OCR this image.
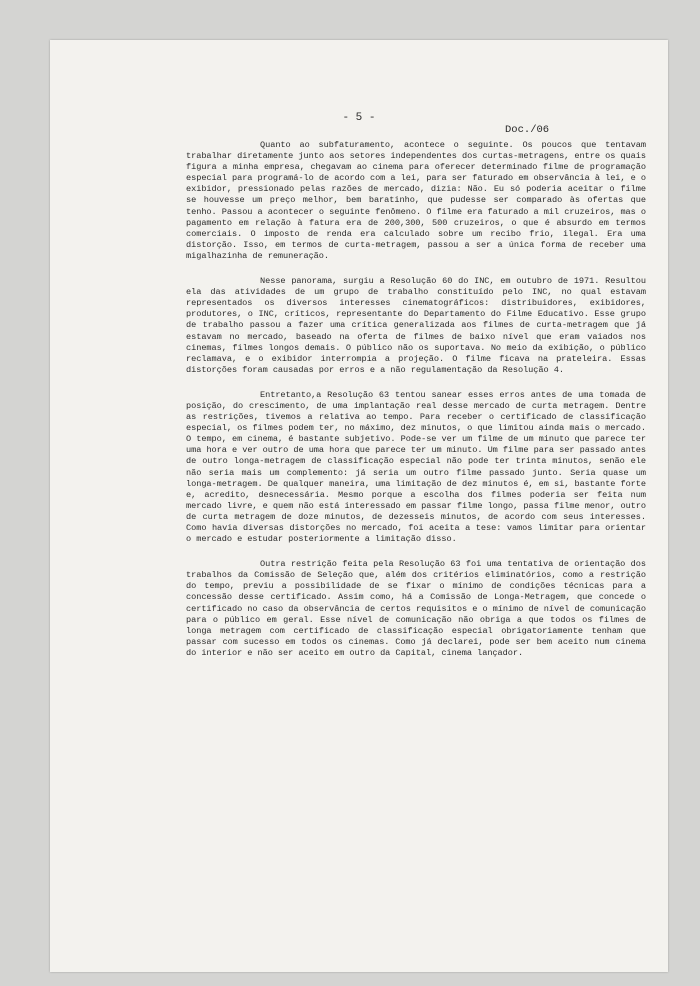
- 5 -
Doc./06

Quanto ao subfaturamento, acontece o seguinte. Os poucos que tentavam trabalhar diretamente junto aos setores independentes dos curtas-metragens, entre os quais figura a minha empresa, chegavam ao cinema para oferecer determinado filme de programação especial para programá-lo de acordo com a lei, para ser faturado em observância à lei, e o exibidor, pressionado pelas razões de mercado, dizia: Não. Eu só poderia aceitar o filme se houvesse um preço melhor, bem baratinho, que pudesse ser comparado às ofertas que tenho. Passou a acontecer o seguinte fenômeno. O filme era faturado a mil cruzeiros, mas o pagamento em relação à fatura era de 200,300, 500 cruzeiros, o que é absurdo em termos comerciais. O imposto de renda era calculado sobre um recibo frio, ilegal. Era uma distorção. Isso, em termos de curta-metragem, passou a ser a única forma de receber uma migalhazinha de remuneração.

Nesse panorama, surgiu a Resolução 60 do INC, em outubro de 1971. Resultou ela das atividades de um grupo de trabalho constituído pelo INC, no qual estavam representados os diversos interesses cinematográficos: distribuidores, exibidores, produtores, o INC, críticos, representante do Departamento do Filme Educativo. Esse grupo de trabalho passou a fazer uma crítica generalizada aos filmes de curta-metragem que já estavam no mercado, baseado na oferta de filmes de baixo nível que eram vaiados nos cinemas, filmes longos demais. O público não os suportava. No meio da exibição, o público reclamava, e o exibidor interrompia a projeção. O filme ficava na prateleira. Essas distorções foram causadas por erros e a não regulamentação da Resolução 4.

Entretanto,a Resolução 63 tentou sanear esses erros antes de uma tomada de posição, do crescimento, de uma implantação real desse mercado de curta metragem. Dentre as restrições, tivemos a relativa ao tempo. Para receber o certificado de classificação especial, os filmes podem ter, no máximo, dez minutos, o que limitou ainda mais o mercado. O tempo, em cinema, é bastante subjetivo. Pode-se ver um filme de um minuto que parece ter uma hora e ver outro de uma hora que parece ter um minuto. Um filme para ser passado antes de outro longa-metragem de classificação especial não pode ter trinta minutos, senão ele não seria mais um complemento: já seria um outro filme passado junto. Seria quase um longa-metragem. De qualquer maneira, uma limitação de dez minutos é, em si, bastante forte e, acredito, desnecessária. Mesmo porque a escolha dos filmes poderia ser feita num mercado livre, e quem não está interessado em passar filme longo, passa filme menor, outro de curta metragem de doze minutos, de dezesseis minutos, de acordo com seus interesses. Como havia diversas distorções no mercado, foi aceita a tese: vamos limitar para orientar o mercado e estudar posteriormente a limitação disso.

Outra restrição feita pela Resolução 63 foi uma tentativa de orientação dos trabalhos da Comissão de Seleção que, além dos critérios eliminatórios, como a restrição do tempo, previu a possibilidade de se fixar o mínimo de condições técnicas para a concessão desse certificado. Assim como, há a Comissão de Longa-Metragem, que concede o certificado no caso da observância de certos requisitos e o mínimo de nível de comunicação para o público em geral. Esse nível de comunicação não obriga a que todos os filmes de longa metragem com certificado de classificação especial obrigatoriamente tenham que passar com sucesso em todos os cinemas. Como já declarei, pode ser bem aceito num cinema do interior e não ser aceito em outro da Capital, cinema lançador.
